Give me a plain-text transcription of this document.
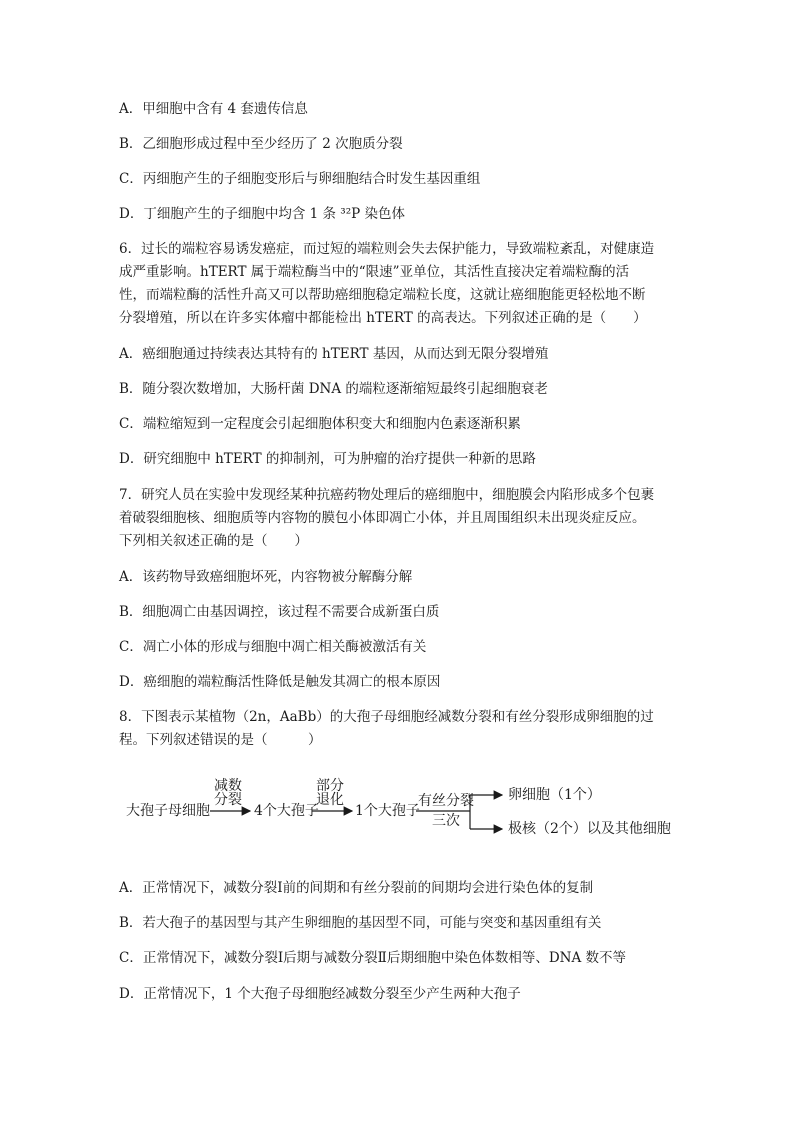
A．甲细胞中含有 4 套遗传信息
B．乙细胞形成过程中至少经历了 2 次胞质分裂
C．丙细胞产生的子细胞变形后与卵细胞结合时发生基因重组
D．丁细胞产生的子细胞中均含 1 条 ³²P 染色体
6．过长的端粒容易诱发癌症，而过短的端粒则会失去保护能力，导致端粒紊乱，对健康造
成严重影响。hTERT 属于端粒酶当中的“限速”亚单位，其活性直接决定着端粒酶的活
性，而端粒酶的活性升高又可以帮助癌细胞稳定端粒长度，这就让癌细胞能更轻松地不断
分裂增殖，所以在许多实体瘤中都能检出 hTERT 的高表达。下列叙述正确的是（　　）
A．癌细胞通过持续表达其特有的 hTERT 基因，从而达到无限分裂增殖
B．随分裂次数增加，大肠杆菌 DNA 的端粒逐渐缩短最终引起细胞衰老
C．端粒缩短到一定程度会引起细胞体积变大和细胞内色素逐渐积累
D．研究细胞中 hTERT 的抑制剂，可为肿瘤的治疗提供一种新的思路
7．研究人员在实验中发现经某种抗癌药物处理后的癌细胞中，细胞膜会内陷形成多个包裹
着破裂细胞核、细胞质等内容物的膜包小体即凋亡小体，并且周围组织未出现炎症反应。
下列相关叙述正确的是（　　）
A．该药物导致癌细胞坏死，内容物被分解酶分解
B．细胞凋亡由基因调控，该过程不需要合成新蛋白质
C．凋亡小体的形成与细胞中凋亡相关酶被激活有关
D．癌细胞的端粒酶活性降低是触发其凋亡的根本原因
8．下图表示某植物（2n，AaBb）的大孢子母细胞经减数分裂和有丝分裂形成卵细胞的过
程。下列叙述错误的是（　　　）
大孢子母细胞
减数
分裂
4个大孢子
部分
退化
1个大孢子
有丝分裂
三次
卵细胞（1个）
极核（2个）以及其他细胞
A．正常情况下，减数分裂Ⅰ前的间期和有丝分裂前的间期均会进行染色体的复制
B．若大孢子的基因型与其产生卵细胞的基因型不同，可能与突变和基因重组有关
C．正常情况下，减数分裂Ⅰ后期与减数分裂Ⅱ后期细胞中染色体数相等、DNA 数不等
D．正常情况下，1 个大孢子母细胞经减数分裂至少产生两种大孢子
